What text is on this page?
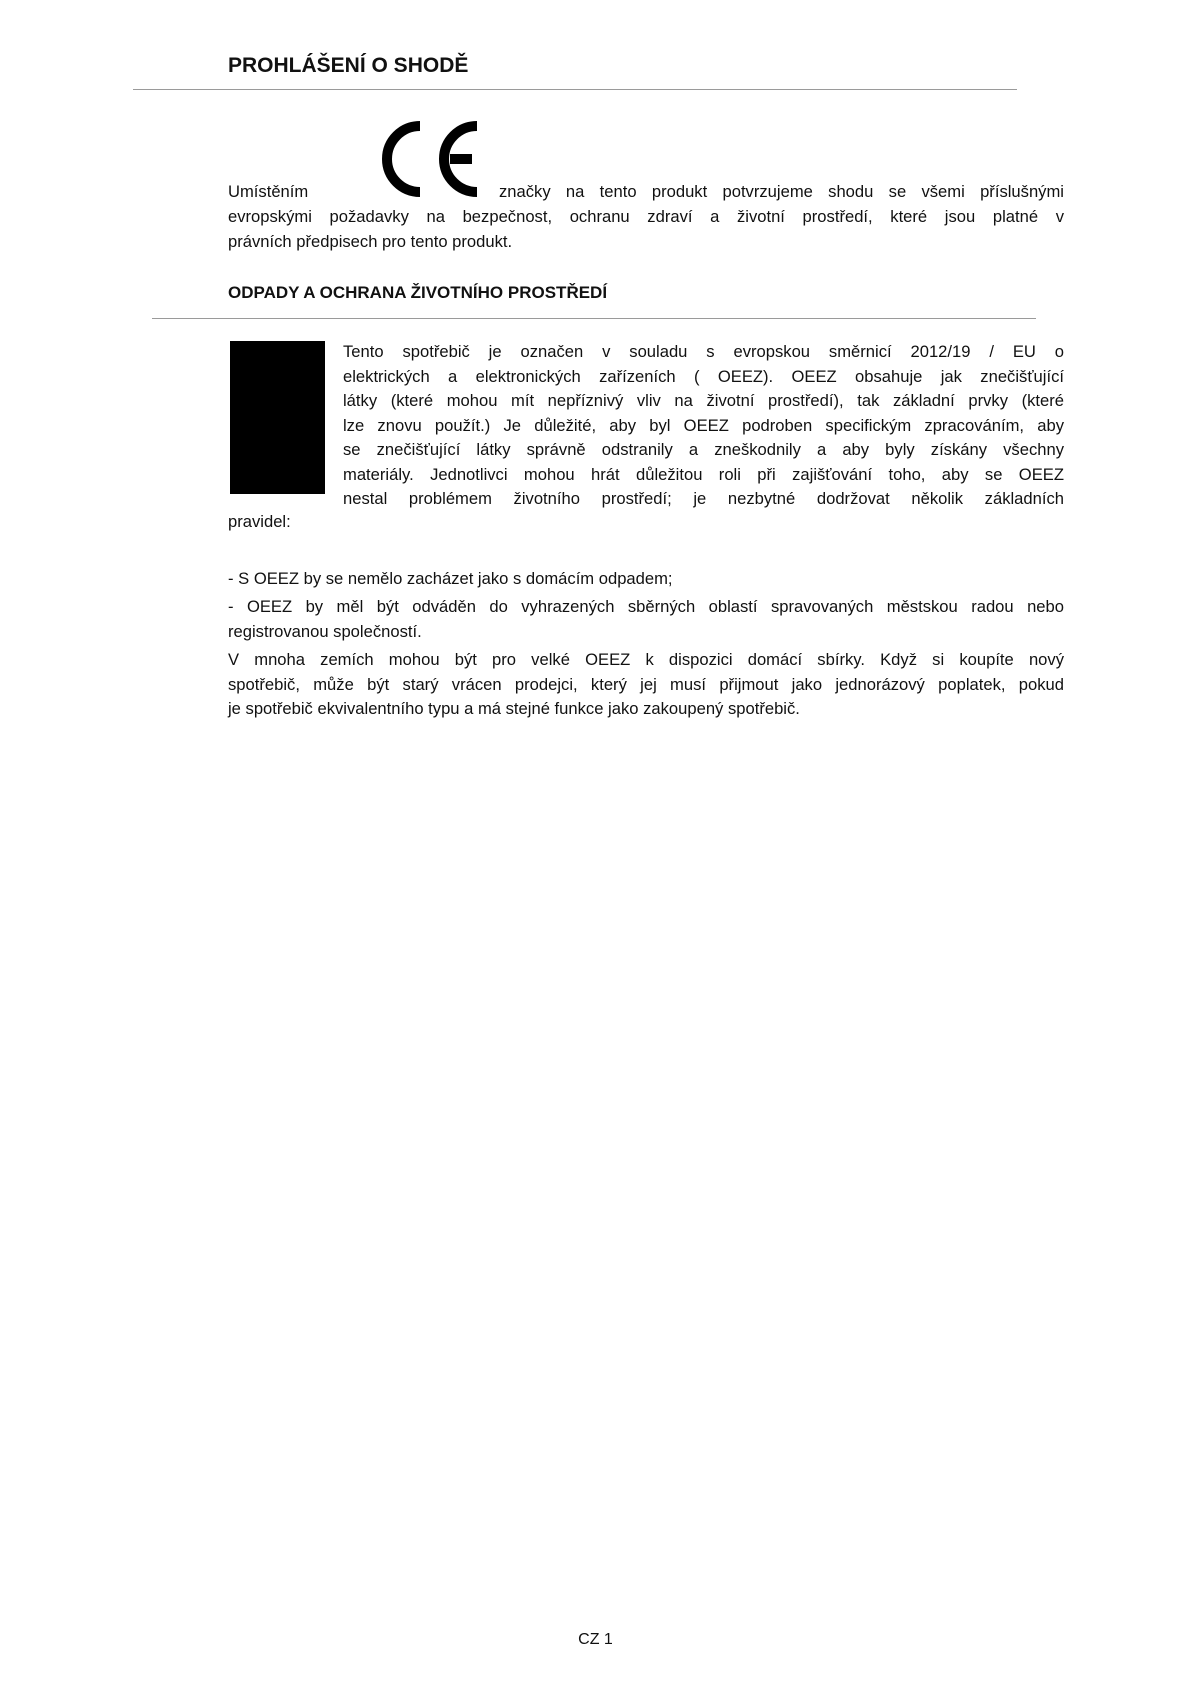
PROHLÁŠENÍ O SHODĚ
Umístěním	značky na tento produkt potvrzujeme shodu se všemi příslušnými
evropskými požadavky na bezpečnost, ochranu zdraví a životní prostředí, které jsou platné v
právních předpisech pro tento produkt.
ODPADY A OCHRANA ŽIVOTNÍHO PROSTŘEDÍ
Tento spotřebič je označen v souladu s evropskou směrnicí 2012/19 / EU o
elektrických a elektronických zařízeních ( OEEZ). OEEZ obsahuje jak znečišťující
látky (které mohou mít nepříznivý vliv na životní prostředí), tak základní prvky (které
lze znovu použít.) Je důležité, aby byl OEEZ podroben specifickým zpracováním, aby
se znečišťující látky správně odstranily a zneškodnily a aby byly získány všechny
materiály. Jednotlivci mohou hrát důležitou roli při zajišťování toho, aby se OEEZ
nestal problémem životního prostředí; je nezbytné dodržovat několik základních
pravidel:
- S OEEZ by se nemělo zacházet jako s domácím odpadem;
- OEEZ by měl být odváděn do vyhrazených sběrných oblastí spravovaných městskou radou nebo
registrovanou společností.
V mnoha zemích mohou být pro velké OEEZ k dispozici domácí sbírky. Když si koupíte nový
spotřebič, může být starý vrácen prodejci, který jej musí přijmout jako jednorázový poplatek, pokud
je spotřebič ekvivalentního typu a má stejné funkce jako zakoupený spotřebič.
CZ 1
